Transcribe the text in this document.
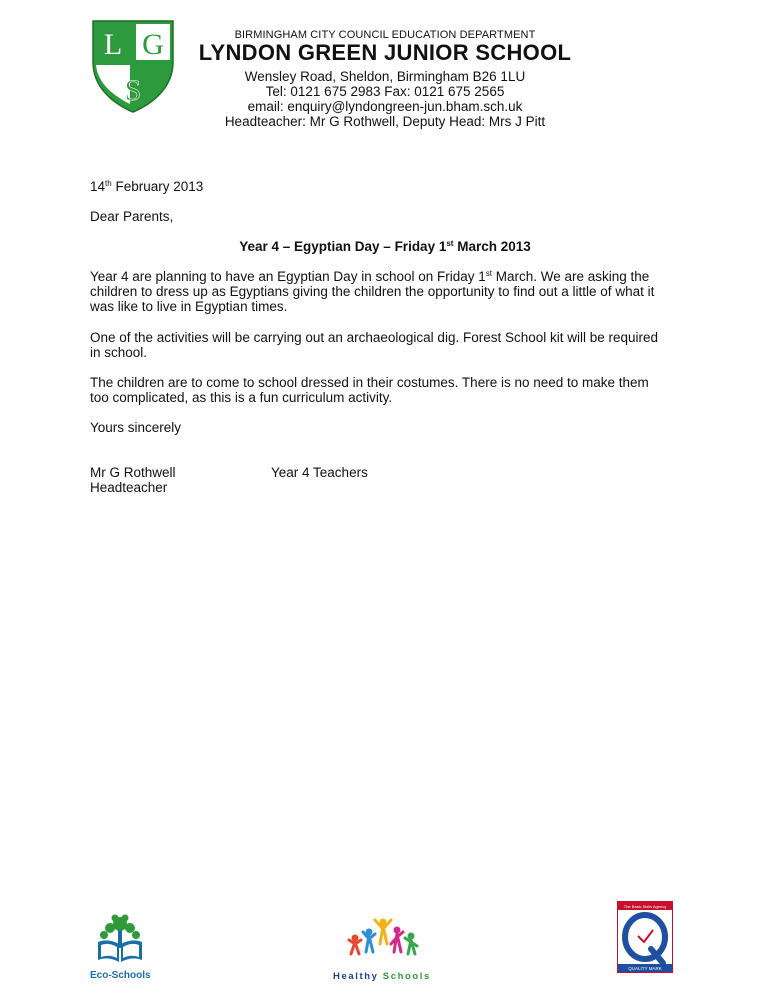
L G
S
BIRMINGHAM CITY COUNCIL EDUCATION DEPARTMENT
LYNDON GREEN JUNIOR SCHOOL
Wensley Road, Sheldon, Birmingham B26 1LU
Tel: 0121 675 2983 Fax: 0121 675 2565
email: enquiry@lyndongreen-jun.bham.sch.uk
Headteacher: Mr G Rothwell, Deputy Head: Mrs J Pitt
14th February 2013
Dear Parents,
Year 4 – Egyptian Day – Friday 1st March 2013
Year 4 are planning to have an Egyptian Day in school on Friday 1st March. We are asking the
children to dress up as Egyptians giving the children the opportunity to find out a little of what it
was like to live in Egyptian times.
One of the activities will be carrying out an archaeological dig. Forest School kit will be required
in school.
The children are to come to school dressed in their costumes. There is no need to make them
too complicated, as this is a fun curriculum activity.
Yours sincerely
Mr G Rothwell
Headteacher
Year 4 Teachers
Eco-Schools	Healthy Schools
The Basic Skills Agency
QUALITY MARK
